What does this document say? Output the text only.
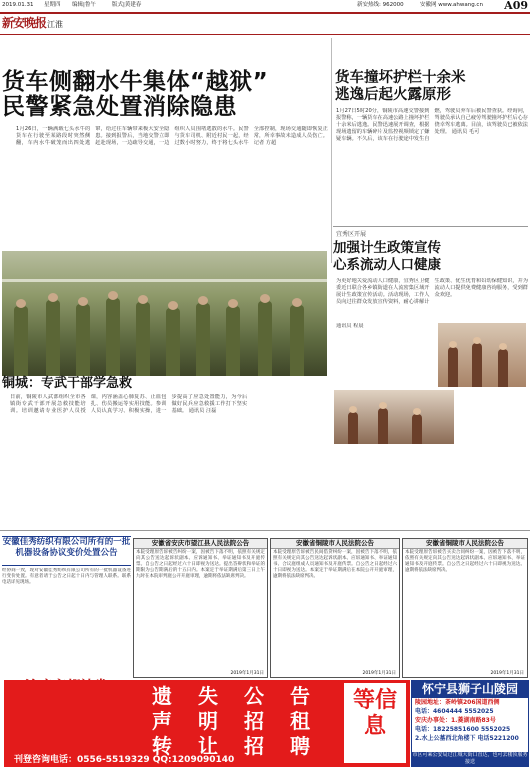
2019.01.31 星期四 编辑|鲁午	版式|黄建春	新安热线: 962000	安徽网 www.ahwang.cn A09
新安晚报 江淮
货车侧翻水牛集体“越狱”
民警紧急处置消除隐患
1月26日，一辆满载七头水牛的货车在行驶至某路段时突然侧翻，车内水牛破笼而出四处逃窜，给过往车辆带来极大安全隐患。接到报警后，当地交警立即赶赴现场，一边疏导交通，一边组织人员围堵逃散的水牛。民警与货车司机、附近村民一起，经过数小时努力，终于将七头水牛全部控制，现场交通随即恢复正常，所幸事故未造成人员伤亡。 记者 方超
铜城：专武干部学急救
日前，铜陵市人武部组织全市各镇街专武干部开展急救技能培训。培训邀请专业医护人员授课，内容涵盖心肺复苏、止血包扎、伤员搬运等实用技能。参训人员认真学习、积极实操，进一步提高了应急处置能力，为今后做好民兵应急救援工作打下坚实基础。 通讯员 汪磊
货车撞坏护栏十余米
逃逸后起火露原形
1月27日5时20分，铜陵市高速交警接到报警称，一辆货车在高速公路上撞坏护栏十余米后逃逸。民警迅速展开调查，根据现场遗留的车辆碎片及监控视频锁定了嫌疑车辆。不久后，该车在行驶途中发生自燃，驾驶员弃车后被民警查获。经询问，驾驶员承认自己疲劳驾驶撞坏护栏后心存侥幸驾车逃离。目前，该驾驶员已被依法处理。 通讯员 毛可
宜秀区开展
加强计生政策宣传
心系流动人口健康
为更好地关爱流动人口健康，宜秀区卫健委近日联合各乡镇街道在人流密集区域开展计生政策宣传活动。活动现场，工作人员向过往群众发放宣传资料，耐心讲解计生政策、优生优育和妇幼保健知识，并为流动人口提供免费健康咨询服务，受到群众欢迎。
通讯员 程晨
安徽佳秀纺织有限公司所有的一批机器设备协议变价处置公告
经协商一致，现对安徽佳秀纺织有限公司所有的一批机器设备进行变价处置。有意者请于公告之日起十日内与管理人联系。联系电话详见现场。
安徽省安庆市望江县人民法院公告
本院受理原告诉被告纠纷一案，因被告下落不明，依照有关规定向其公告送达起诉状副本、应诉通知书、举证通知书及开庭传票。自公告之日起经过六十日即视为送达。提出答辩状和举证的期限为公告期满后的十五日内。本案定于举证期满后第三日上午九时在本院审判庭公开开庭审理，逾期将依法缺席判决。
2019年1月31日
安徽省铜陵市人民法院公告
本院受理原告诉被告民间借贷纠纷一案，因被告下落不明，依照有关规定向其公告送达起诉状副本、应诉通知书、举证通知书、合议庭组成人员通知书及开庭传票。自公告之日起经过六十日即视为送达。本案定于举证期满后在本院公开开庭审理，逾期将依法缺席判决。
2019年1月31日
安徽省铜陵市人民法院公告
本院受理原告诉被告买卖合同纠纷一案，因被告下落不明，依照有关规定向其公告送达起诉状副本、应诉通知书、举证通知书及开庭传票。自公告之日起经过六十日即视为送达。逾期将依法缺席判决。
2019年1月31日
遗失公告
声明招租
转让招聘
等信息
刊登咨询电话：0556-5519329 QQ:1209090140
怀宁县狮子山陵园
陵园地址：茶岭镇206国道西侧
电话：4604444 5552025
安庆办事处：1.菱湖南路83号
电话：18225851600 5552025
2.水上公墓西北角楼下 电话5221200
市区可乘公安局过江城大街口直达，也可去楼顶服务接送
